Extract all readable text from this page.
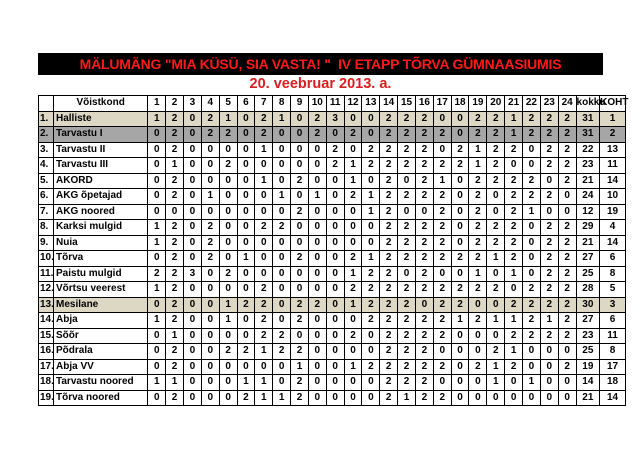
MÄLUMÄNG "MIA KÜSÜ, SIA VASTA! "  IV ETAPP TÕRVA GÜMNAASIUMIS
20. veebruar 2013. a.
	Võistkond	1	2	3	4	5	6	7	8	9	10	11	12	13	14	15	16	17	18	19	20	21	22	23	24	kokku	KOHT
1.	Halliste	1	2	0	2	1	0	2	1	0	2	3	0	0	2	2	2	0	0	2	2	1	2	2	2	31	1
2.	Tarvastu I	0	2	0	2	2	0	2	0	0	2	0	2	0	2	2	2	2	0	2	2	1	2	2	2	31	2
3.	Tarvastu II	0	2	0	0	0	0	1	0	0	0	2	0	2	2	2	2	0	2	1	2	2	0	2	2	22	13
4.	Tarvastu III	0	1	0	0	2	0	0	0	0	0	2	1	2	2	2	2	2	2	1	2	0	0	2	2	23	11
5.	AKORD	0	2	0	0	0	0	1	0	2	0	0	1	0	2	0	2	1	0	2	2	2	2	0	2	21	14
6.	AKG õpetajad	0	2	0	1	0	0	0	1	0	1	0	2	1	2	2	2	2	0	2	0	2	2	2	0	24	10
7.	AKG noored	0	0	0	0	0	0	0	0	2	0	0	0	1	2	0	0	2	0	2	0	2	1	0	0	12	19
8.	Karksi mulgid	1	2	0	2	0	0	2	2	0	0	0	0	0	2	2	2	2	0	2	2	2	0	2	2	29	4
9.	Nuia	1	2	0	2	0	0	0	0	0	0	0	0	0	2	2	2	2	0	2	2	2	0	2	2	21	14
10.	Tõrva	0	2	0	2	0	1	0	0	2	0	0	2	1	2	2	2	2	2	2	1	2	0	2	2	27	6
11.	Paistu mulgid	2	2	3	0	2	0	0	0	0	0	0	1	2	2	0	2	0	0	1	0	1	0	2	2	25	8
12.	Võrtsu veerest	1	2	0	0	0	0	2	0	0	0	0	2	2	2	2	2	2	2	2	2	0	2	2	2	28	5
13.	Mesilane	0	2	0	0	1	2	2	0	2	2	0	1	2	2	2	0	2	2	0	0	2	2	2	2	30	3
14.	Abja	1	2	0	0	1	0	2	0	2	0	0	0	2	2	2	2	2	1	2	1	1	2	1	2	27	6
15.	Sõõr	0	1	0	0	0	0	2	2	0	0	0	2	0	2	2	2	2	0	0	0	2	2	2	2	23	11
16.	Põdrala	0	2	0	0	2	2	1	2	2	0	0	0	0	2	2	2	0	0	0	2	1	0	0	0	25	8
17.	Abja VV	0	2	0	0	0	0	0	0	1	0	0	1	2	2	2	2	2	0	2	1	2	0	0	2	19	17
18.	Tarvastu noored	1	1	0	0	0	1	1	0	2	0	0	0	0	2	2	2	0	0	0	1	0	1	0	0	14	18
19.	Tõrva noored	0	2	0	0	0	2	1	1	2	0	0	0	0	2	1	2	2	0	0	0	0	0	0	0	21	14
